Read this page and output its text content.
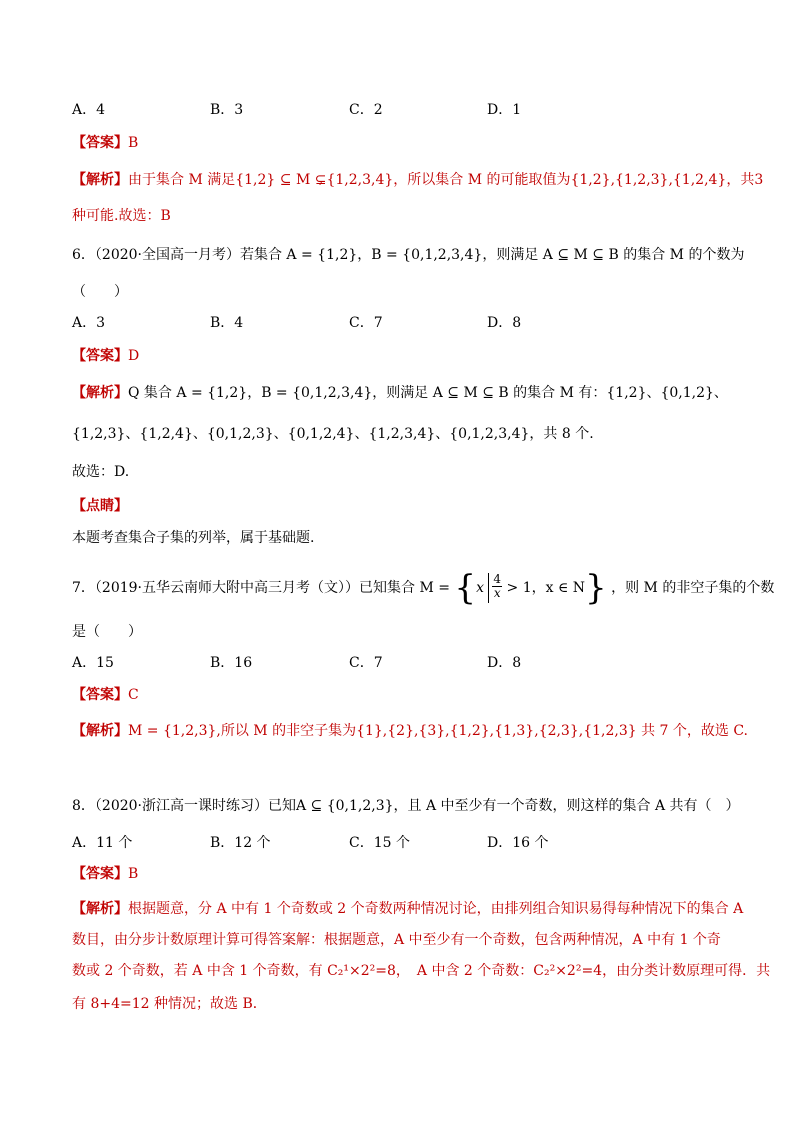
A．4	B．3	C．2	D．1
【答案】B
【解析】由于集合 M 满足{1,2} ⊆ M ⊊{1,2,3,4}，所以集合 M 的可能取值为{1,2},{1,2,3},{1,2,4}，共3
种可能.故选：B
6．（2020·全国高一月考）若集合 A = {1,2}，B = {0,1,2,3,4}，则满足 A ⊆ M ⊆ B 的集合 M 的个数为
（　　）
A．3	B．4	C．7	D．8
【答案】D
【解析】Q 集合 A = {1,2}，B = {0,1,2,3,4}，则满足 A ⊆ M ⊆ B 的集合 M 有：{1,2}、{0,1,2}、
{1,2,3}、{1,2,4}、{0,1,2,3}、{0,1,2,4}、{1,2,3,4}、{0,1,2,3,4}，共 8 个.
故选：D.
【点睛】
本题考查集合子集的列举，属于基础题.
7．（2019·五华云南师大附中高三月考（文））已知集合 $M = \{x \frac{4}{x} > 1$，x ∈ N} ，则 M 的非空子集的个数
是（　　）
A．15	B．16	C．7	D．8
【答案】C
【解析】M = {1,2,3},所以 M 的非空子集为{1},{2},{3},{1,2},{1,3},{2,3},{1,2,3} 共 7 个，故选 C.
8．（2020·浙江高一课时练习）已知A ⊆ {0,1,2,3}，且 A 中至少有一个奇数，则这样的集合 A 共有（　）
A．11 个	B．12 个	C．15 个	D．16 个
【答案】B
【解析】根据题意，分 A 中有 1 个奇数或 2 个奇数两种情况讨论，由排列组合知识易得每种情况下的集合 A
数目，由分步计数原理计算可得答案解：根据题意，A 中至少有一个奇数，包含两种情况，A 中有 1 个奇
数或 2 个奇数，若 A 中含 1 个奇数，有 C₂¹×2²=8，　A 中含 2 个奇数：C₂²×2²=4，由分类计数原理可得．共
有 8+4=12 种情况；故选 B．
